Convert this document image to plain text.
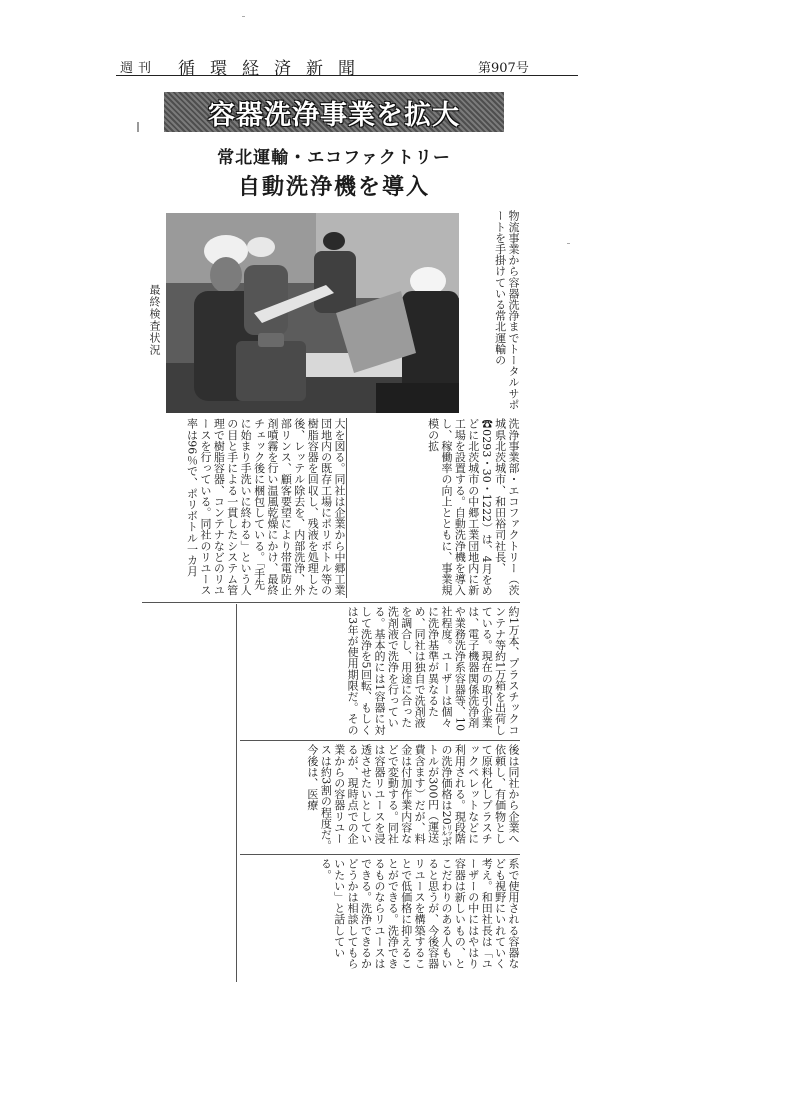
週刊 循環経済新聞	第907号
容器洗浄事業を拡大
常北運輸・エコファクトリー
自動洗浄機を導入
最終検査状況	物流事業から容器洗浄までトータルサポートを手掛けている常北運輸の
洗浄事業部・エコファクトリー（茨城県北茨城市、和田裕司社長、☎0293・30・1222）は、4月をめどに北茨城市の中郷工業団地内に新工場を設置する。自動洗浄機を導入し、稼働率の向上とともに、事業規模の拡
大を図る。同社は企業から中郷工業団地内の既存工場にポリボトル等の樹脂容器を回収し、残液を処理した後、レッテル除去を、内部洗浄、外部リンス、顧客要望により帯電防止剤噴霧を行い温風乾燥にかけ、最終チェック後に梱包している。「手先に始まり手洗いに終わる」という人の目と手による一貫したシステム管理で樹脂容器、コンテナなどのリユースを行っている。同社のリユース率は96％で、ポリボトル一カ月
約1万本、プラスチックコンテナ等約1万箱を出荷している。現在の取引企業は、電子機器関係洗浄剤や業務洗浄系容器等、10社程度。ユーザーは個々に洗浄基準が異なるため、同社は独自で洗剤液を調合し、用途に合った洗剤液で洗浄を行っている。基本的には1容器に対して洗浄を5回転、もしくは3年が使用期限だ。その
後は同社から企業へ依頼し、有価物として原料化しプラスチックペレットなどに利用される。現段階の洗浄価格は20㍑ボトルが300円（運送費含ます）だが、料金は付加作業内容などで変動する。同社は容器リユースを浸透させたいとしているが、現時点での企業からの容器リユースは約3割の程度だ。今後は、医療
系で使用される容器なども視野にいれていく考え。和田社長は「ユーザーの中にはやはり容器は新しいもの、とこだわりのある人もいると思うが、今後容器リユースを構築することで低価格に抑えることができる。洗浄できるものならリユースはできる。洗浄できるかどうかは相談してもらいたい」と話している。
